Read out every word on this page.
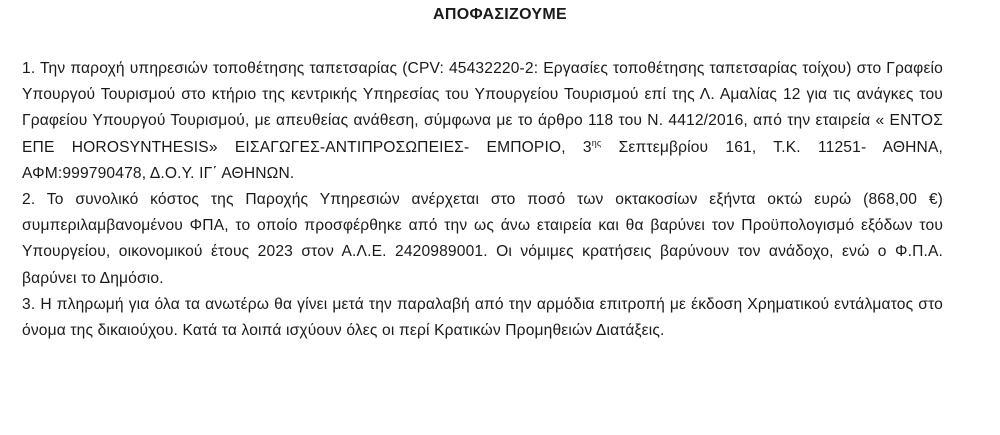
ΑΠΟΦΑΣΙΖΟΥΜΕ

1. Την παροχή υπηρεσιών τοποθέτησης ταπετσαρίας (CPV: 45432220-2: Εργασίες τοποθέτησης ταπετσαρίας τοίχου) στο Γραφείο Υπουργού Τουρισμού στο κτήριο της κεντρικής Υπηρεσίας του Υπουργείου Τουρισμού επί της Λ. Αμαλίας 12 για τις ανάγκες του Γραφείου Υπουργού Τουρισμού, με απευθείας ανάθεση, σύμφωνα με το άρθρο 118 του Ν. 4412/2016, από την εταιρεία « ΕΝΤΟΣ ΕΠΕ HOROSYNTHESIS» ΕΙΣΑΓΩΓΕΣ-ΑΝΤΙΠΡΟΣΩΠΕΙΕΣ- ΕΜΠΟΡΙΟ, $3^{\eta\varsigma}$ Σεπτεμβρίου 161, Τ.Κ. 11251- ΑΘΗΝΑ, ΑΦΜ:999790478, Δ.Ο.Υ. ΙΓ΄ ΑΘΗΝΩΝ.

2. Το συνολικό κόστος της Παροχής Υπηρεσιών ανέρχεται στο ποσό των οκτακοσίων εξήντα οκτώ ευρώ (868,00 €) συμπεριλαμβανομένου ΦΠΑ, το οποίο προσφέρθηκε από την ως άνω εταιρεία και θα βαρύνει τον Προϋπολογισμό εξόδων του Υπουργείου, οικονομικού έτους 2023 στον Α.Λ.Ε. 2420989001. Οι νόμιμες κρατήσεις βαρύνουν τον ανάδοχο, ενώ ο Φ.Π.Α. βαρύνει το Δημόσιο.

3. Η πληρωμή για όλα τα ανωτέρω θα γίνει μετά την παραλαβή από την αρμόδια επιτροπή με έκδοση Χρηματικού εντάλματος στο όνομα της δικαιούχου. Κατά τα λοιπά ισχύουν όλες οι περί Κρατικών Προμηθειών Διατάξεις.
